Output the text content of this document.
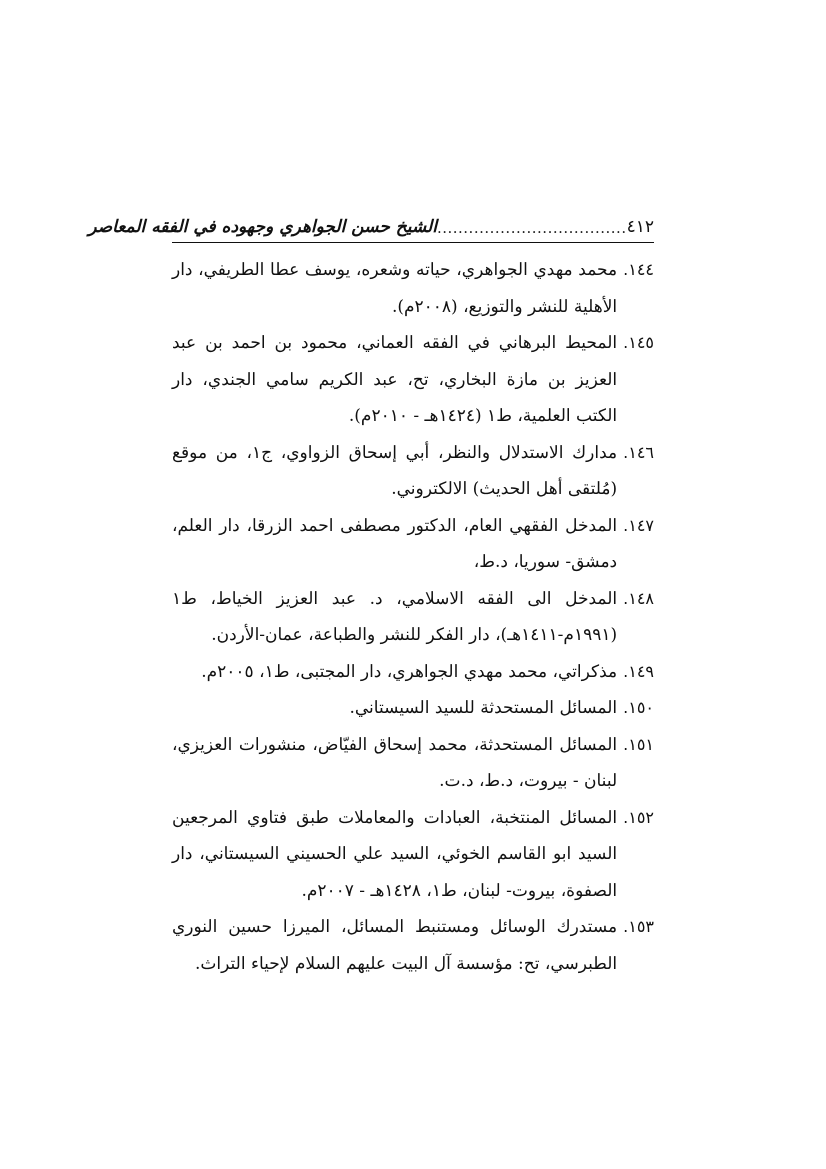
٤١٢
....................................
الشيخ حسن الجواهري وجهوده في الفقه المعاصر
١٤٤.
محمد مهدي الجواهري، حياته وشعره، يوسف عطا الطريفي، دار الأهلية للنشر والتوزيع، (٢٠٠٨م).
١٤٥.
المحيط البرهاني في الفقه العماني، محمود بن احمد بن عبد العزيز بن مازة البخاري، تح، عبد الكريم سامي الجندي، دار الكتب العلمية، ط١ (١٤٢٤هـ - ٢٠١٠م).
١٤٦.
مدارك الاستدلال والنظر، أبي إسحاق الزواوي، ج١، من موقع (مُلتقى أهل الحديث) الالكتروني.
١٤٧.
المدخل الفقهي العام، الدكتور مصطفى احمد الزرقا، دار العلم، دمشق- سوريا، د.ط،
١٤٨.
المدخل الى الفقه الاسلامي، د. عبد العزيز الخياط، ط١ (١٩٩١م-١٤١١هـ)، دار الفكر للنشر والطباعة، عمان-الأردن.
١٤٩.
مذكراتي، محمد مهدي الجواهري، دار المجتبى، ط١، ٢٠٠٥م.
١٥٠.
المسائل المستحدثة للسيد السيستاني.
١٥١.
المسائل المستحدثة، محمد إسحاق الفيّاض، منشورات العزيزي، لبنان - بيروت، د.ط، د.ت.
١٥٢.
المسائل المنتخبة، العبادات والمعاملات طبق فتاوي المرجعين السيد ابو القاسم الخوئي، السيد علي الحسيني السيستاني، دار الصفوة، بيروت- لبنان، ط١، ١٤٢٨هـ - ٢٠٠٧م.
١٥٣.
مستدرك الوسائل ومستنبط المسائل، الميرزا حسين النوري الطبرسي، تح: مؤسسة آل البيت عليهم السلام لإحياء التراث.
